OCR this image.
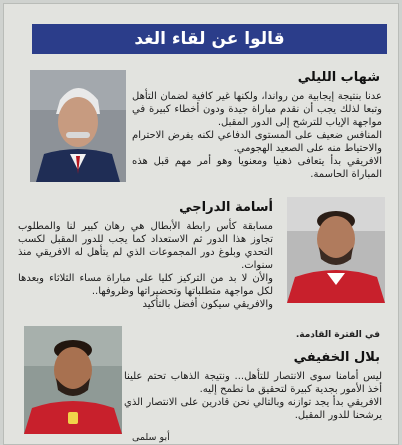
قالوا عن لقاء الغد
شهاب الليلي

عدنا بنتيجة إيجابية من رواندا، ولكنها غير كافية لضمان التأهل وتبعا لذلك يجب أن نقدم مباراة جيدة ودون أخطاء كبيرة في مواجهة الإياب للترشح إلى الدور المقبل.

المنافس ضعيف على المستوى الدفاعي لكنه يفرض الاحترام والاحتياط منه على الصعيد الهجومي.

الافريقي بدأ يتعافى ذهنيا ومعنويا وهو أمر مهم قبل هذه المباراة الحاسمة.

أسامة الدراجي

مسابقة كأس رابطة الأبطال هي رهان كبير لنا والمطلوب تجاوز هذا الدور ثم الاستعداد كما يجب للدور المقبل لكسب التحدي وبلوغ دور المجموعات الذي لم يتأهل له الافريقي منذ سنوات.

والأن لا بد من التركيز كليا على مباراة مساء الثلاثاء وبعدها لكل مواجهة متطلباتها وتحضيراتها وظروفها..

والافريقي سيكون أفضل بالتأكيد

في الفترة القادمة.
بلال الخفيفي

ليس أمامنا سوى الانتصار للتأهل... ونتيجة الذهاب تحتم علينا أخذ الأمور بجدية كبيرة لتحقيق ما نطمح إليه.

الافريقي بدأ يجد توازنه وبالتالي نحن قادرين على الانتصار الذي يرشحنا للدور المقبل.

أبو سلمى
